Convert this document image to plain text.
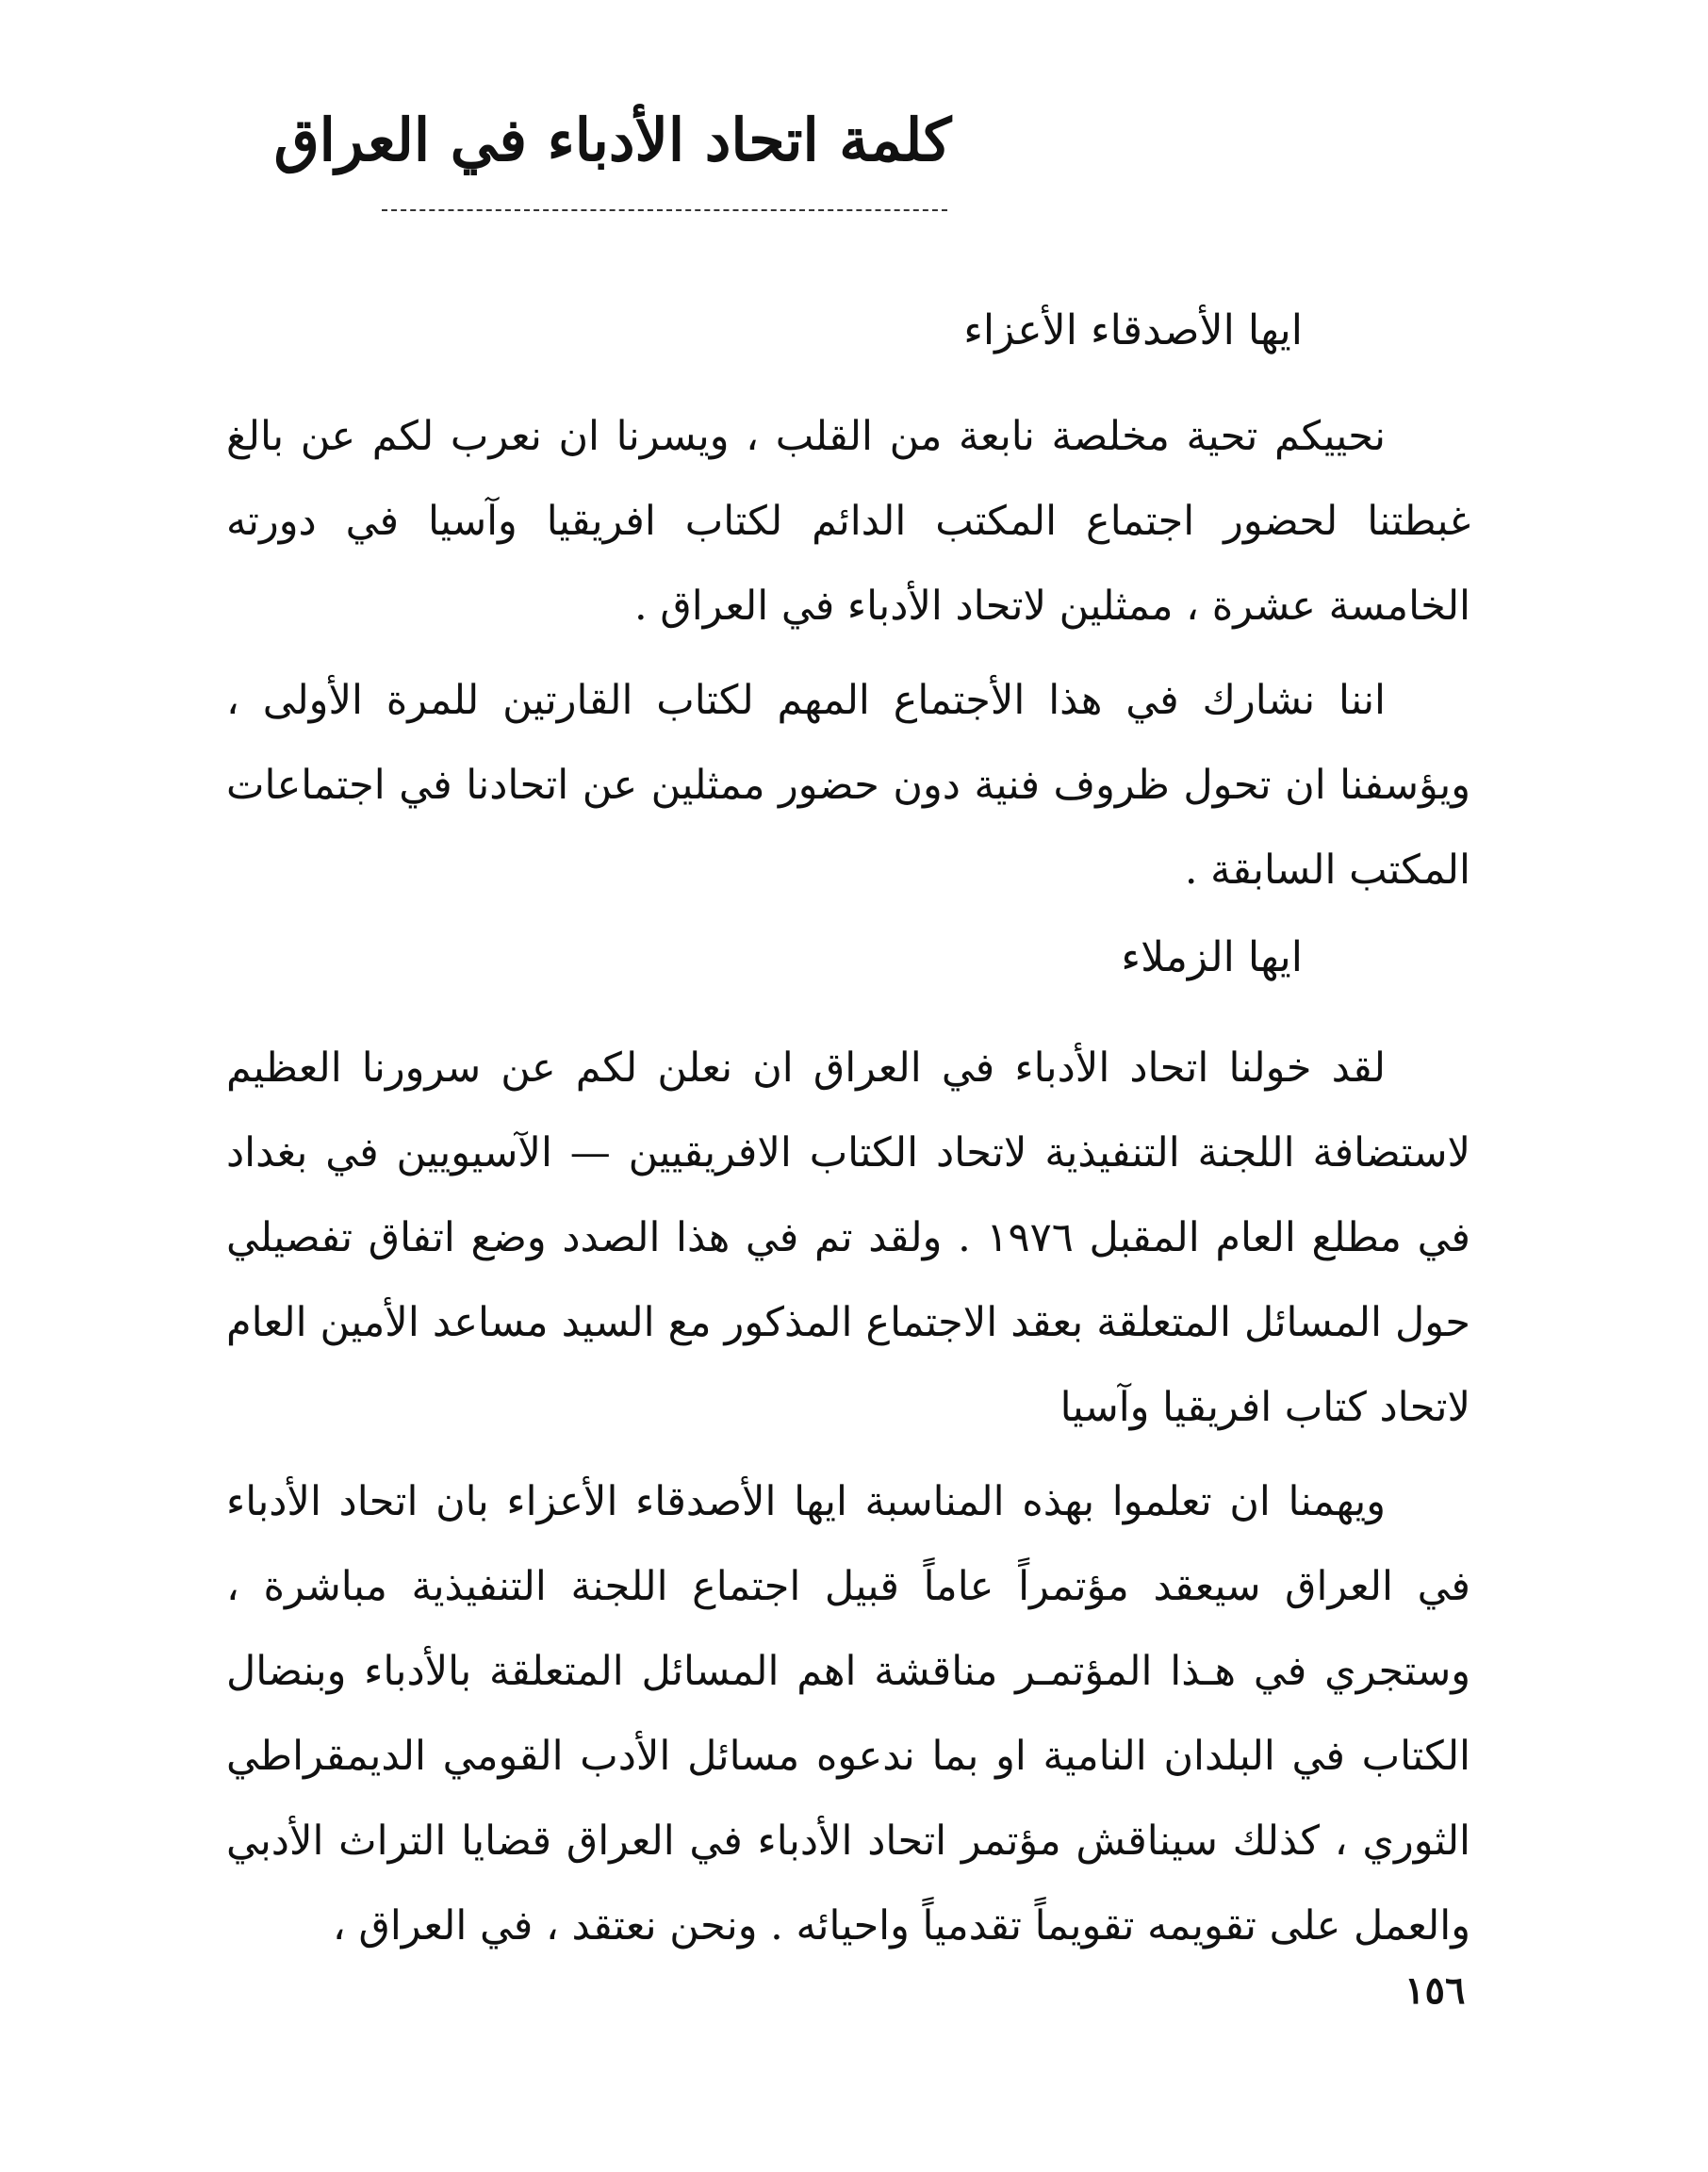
كلمة اتحاد الأدباء في العراق
ايها الأصدقاء الأعزاء

نحييكم تحية مخلصة نابعة من القلب ، ويسرنا ان نعرب لكم عن بالغ غبطتنا لحضور اجتماع المكتب الدائم لكتاب افريقيا وآسيا في دورته الخامسة عشرة ، ممثلين لاتحاد الأدباء في العراق .

اننا نشارك في هذا الأجتماع المهم لكتاب القارتين للمرة الأولى ، ويؤسفنا ان تحول ظروف فنية دون حضور ممثلين عن اتحادنا في اجتماعات المكتب السابقة .

ايها الزملاء

لقد خولنا اتحاد الأدباء في العراق ان نعلن لكم عن سرورنا العظيم لاستضافة اللجنة التنفيذية لاتحاد الكتاب الافريقيين — الآسيويين في بغداد في مطلع العام المقبل ١٩٧٦ . ولقد تم في هذا الصدد وضع اتفاق تفصيلي حول المسائل المتعلقة بعقد الاجتماع المذكور مع السيد مساعد الأمين العام لاتحاد كتاب افريقيا وآسيا

ويهمنا ان تعلموا بهذه المناسبة ايها الأصدقاء الأعزاء بان اتحاد الأدباء في العراق سيعقد مؤتمراً عاماً قبيل اجتماع اللجنة التنفيذية مباشرة ، وستجري في هـذا المؤتمـر مناقشة اهم المسائل المتعلقة بالأدباء وبنضال الكتاب في البلدان النامية او بما ندعوه مسائل الأدب القومي الديمقراطي الثوري ، كذلك سيناقش مؤتمر اتحاد الأدباء في العراق قضايا التراث الأدبي والعمل على تقويمه تقويماً تقدمياً واحيائه . ونحن نعتقد ، في العراق ،

١٥٦
